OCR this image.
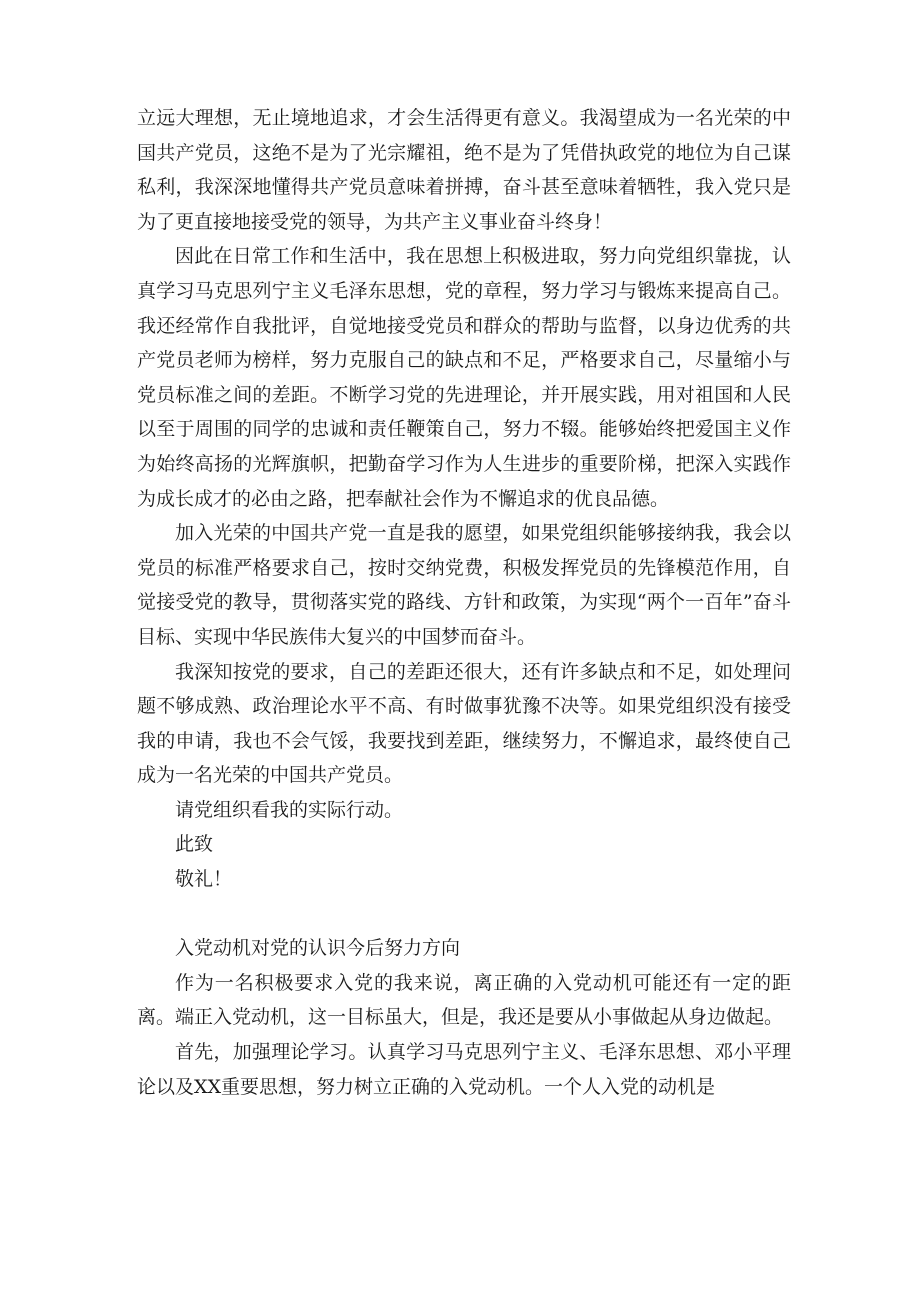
立远大理想，无止境地追求，才会生活得更有意义。我渴望成为一名光荣的中国共产党员，这绝不是为了光宗耀祖，绝不是为了凭借执政党的地位为自己谋私利，我深深地懂得共产党员意味着拼搏，奋斗甚至意味着牺牲，我入党只是为了更直接地接受党的领导，为共产主义事业奋斗终身！

因此在日常工作和生活中，我在思想上积极进取，努力向党组织靠拢，认真学习马克思列宁主义毛泽东思想，党的章程，努力学习与锻炼来提高自己。我还经常作自我批评，自觉地接受党员和群众的帮助与监督，以身边优秀的共产党员老师为榜样，努力克服自己的缺点和不足，严格要求自己，尽量缩小与党员标准之间的差距。不断学习党的先进理论，并开展实践，用对祖国和人民以至于周围的同学的忠诚和责任鞭策自己，努力不辍。能够始终把爱国主义作为始终高扬的光辉旗帜，把勤奋学习作为人生进步的重要阶梯，把深入实践作为成长成才的必由之路，把奉献社会作为不懈追求的优良品德。

加入光荣的中国共产党一直是我的愿望，如果党组织能够接纳我，我会以党员的标准严格要求自己，按时交纳党费，积极发挥党员的先锋模范作用，自觉接受党的教导，贯彻落实党的路线、方针和政策，为实现“两个一百年”奋斗目标、实现中华民族伟大复兴的中国梦而奋斗。

我深知按党的要求，自己的差距还很大，还有许多缺点和不足，如处理问题不够成熟、政治理论水平不高、有时做事犹豫不决等。如果党组织没有接受我的申请，我也不会气馁，我要找到差距，继续努力，不懈追求，最终使自己成为一名光荣的中国共产党员。

请党组织看我的实际行动。

此致

敬礼！

入党动机对党的认识今后努力方向

作为一名积极要求入党的我来说，离正确的入党动机可能还有一定的距离。端正入党动机，这一目标虽大，但是，我还是要从小事做起从身边做起。

首先，加强理论学习。认真学习马克思列宁主义、毛泽东思想、邓小平理论以及XX重要思想，努力树立正确的入党动机。一个人入党的动机是
